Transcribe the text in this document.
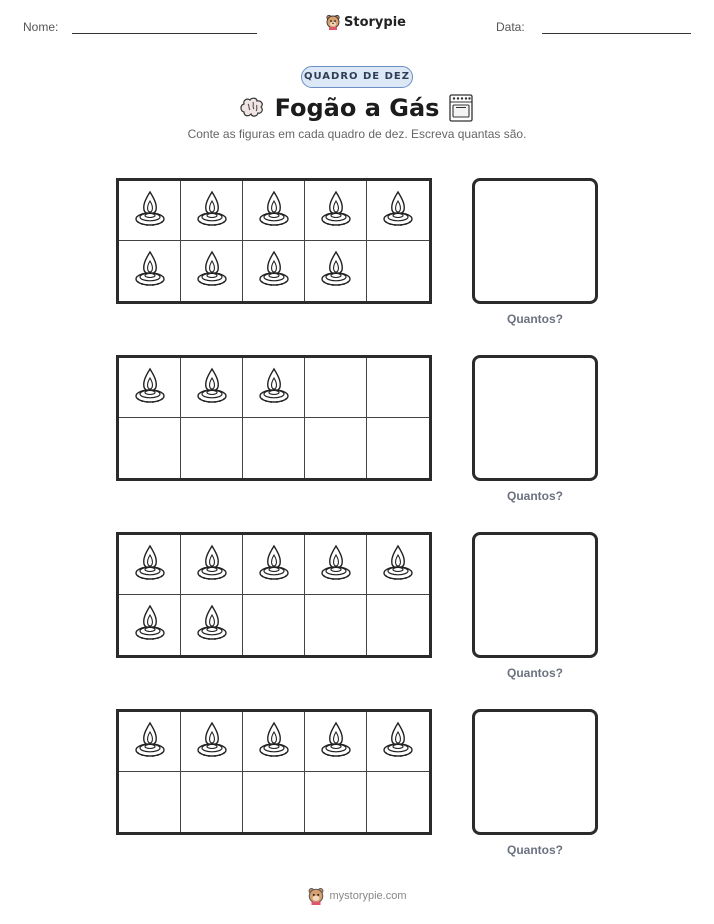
Nome:	Storypie	Data:
QUADRO DE DEZ
Fogão a Gás
Conte as figuras em cada quadro de dez. Escreva quantas são.
Quantos?
Quantos?
Quantos?
Quantos?
mystorypie.com
